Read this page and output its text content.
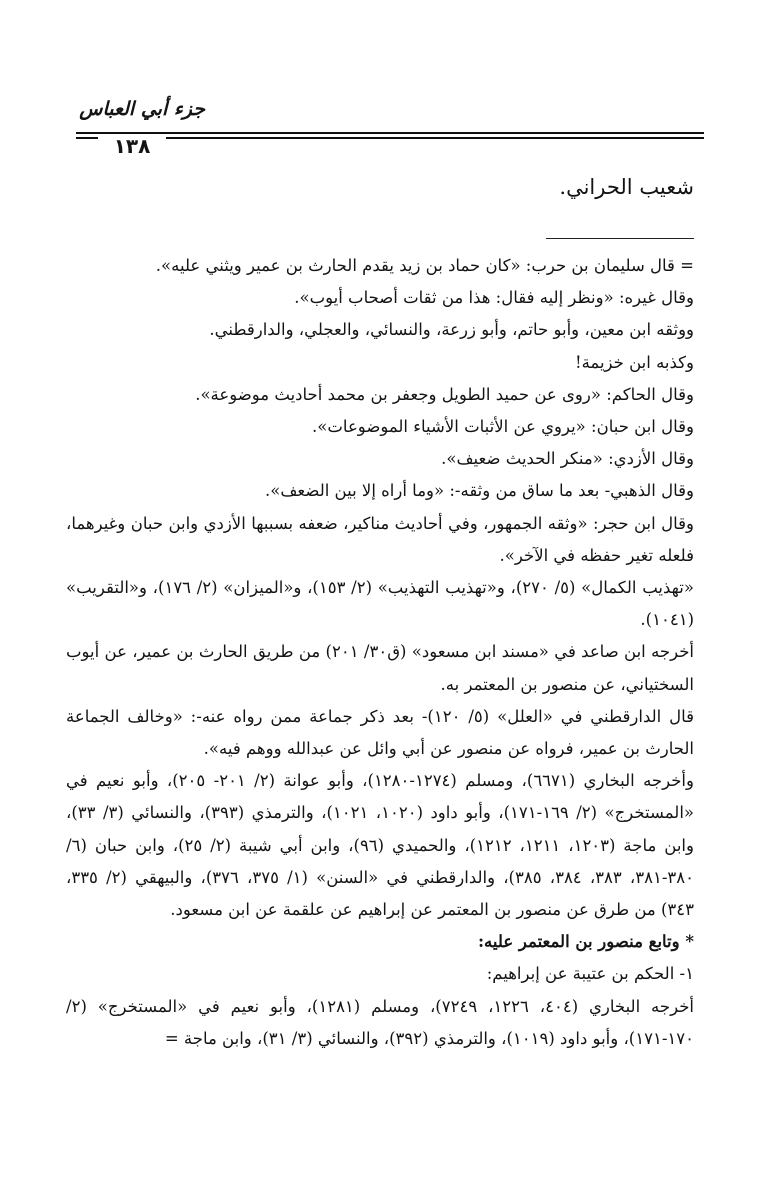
جزء أبي العباس
١٣٨
شعيب الحراني.

= قال سليمان بن حرب: «كان حماد بن زيد يقدم الحارث بن عمير ويثني عليه».

وقال غيره: «ونظر إليه فقال: هذا من ثقات أصحاب أيوب».

ووثقه ابن معين، وأبو حاتم، وأبو زرعة، والنسائي، والعجلي، والدارقطني.

وكذبه ابن خزيمة!

وقال الحاكم: «روى عن حميد الطويل وجعفر بن محمد أحاديث موضوعة».

وقال ابن حبان: «يروي عن الأثبات الأشياء الموضوعات».

وقال الأزدي: «منكر الحديث ضعيف».

وقال الذهبي- بعد ما ساق من وثقه-: «وما أراه إلا بين الضعف».

وقال ابن حجر: «وثقه الجمهور، وفي أحاديث مناكير، ضعفه بسببها الأزدي وابن حبان وغيرهما، فلعله تغير حفظه في الآخر».

«تهذيب الكمال» (٥/ ٢٧٠)، و«تهذيب التهذيب» (٢/ ١٥٣)، و«الميزان» (٢/ ١٧٦)، و«التقريب» (١٠٤١).

أخرجه ابن صاعد في «مسند ابن مسعود» (ق٣٠/ ٢٠١) من طريق الحارث بن عمير، عن أيوب السختياني، عن منصور بن المعتمر به.

قال الدارقطني في «العلل» (٥/ ١٢٠)- بعد ذكر جماعة ممن رواه عنه-: «وخالف الجماعة الحارث بن عمير، فرواه عن منصور عن أبي وائل عن عبدالله ووهم فيه».

وأخرجه البخاري (٦٦٧١)، ومسلم (١٢٧٤-١٢٨٠)، وأبو عوانة (٢/ ٢٠١- ٢٠٥)، وأبو نعيم في «المستخرج» (٢/ ١٦٩-١٧١)، وأبو داود (١٠٢٠، ١٠٢١)، والترمذي (٣٩٣)، والنسائي (٣/ ٣٣)، وابن ماجة (١٢٠٣، ١٢١١، ١٢١٢)، والحميدي (٩٦)، وابن أبي شيبة (٢/ ٢٥)، وابن حبان (٦/ ٣٨٠-٣٨١، ٣٨٣، ٣٨٤، ٣٨٥)، والدارقطني في «السنن» (١/ ٣٧٥، ٣٧٦)، والبيهقي (٢/ ٣٣٥، ٣٤٣) من طرق عن منصور بن المعتمر عن إبراهيم عن علقمة عن ابن مسعود.

* وتابع منصور بن المعتمر عليه:

١- الحكم بن عتيبة عن إبراهيم:

أخرجه البخاري (٤٠٤، ١٢٢٦، ٧٢٤٩)، ومسلم (١٢٨١)، وأبو نعيم في «المستخرج» (٢/ ١٧٠-١٧١)، وأبو داود (١٠١٩)، والترمذي (٣٩٢)، والنسائي (٣/ ٣١)، وابن ماجة =
